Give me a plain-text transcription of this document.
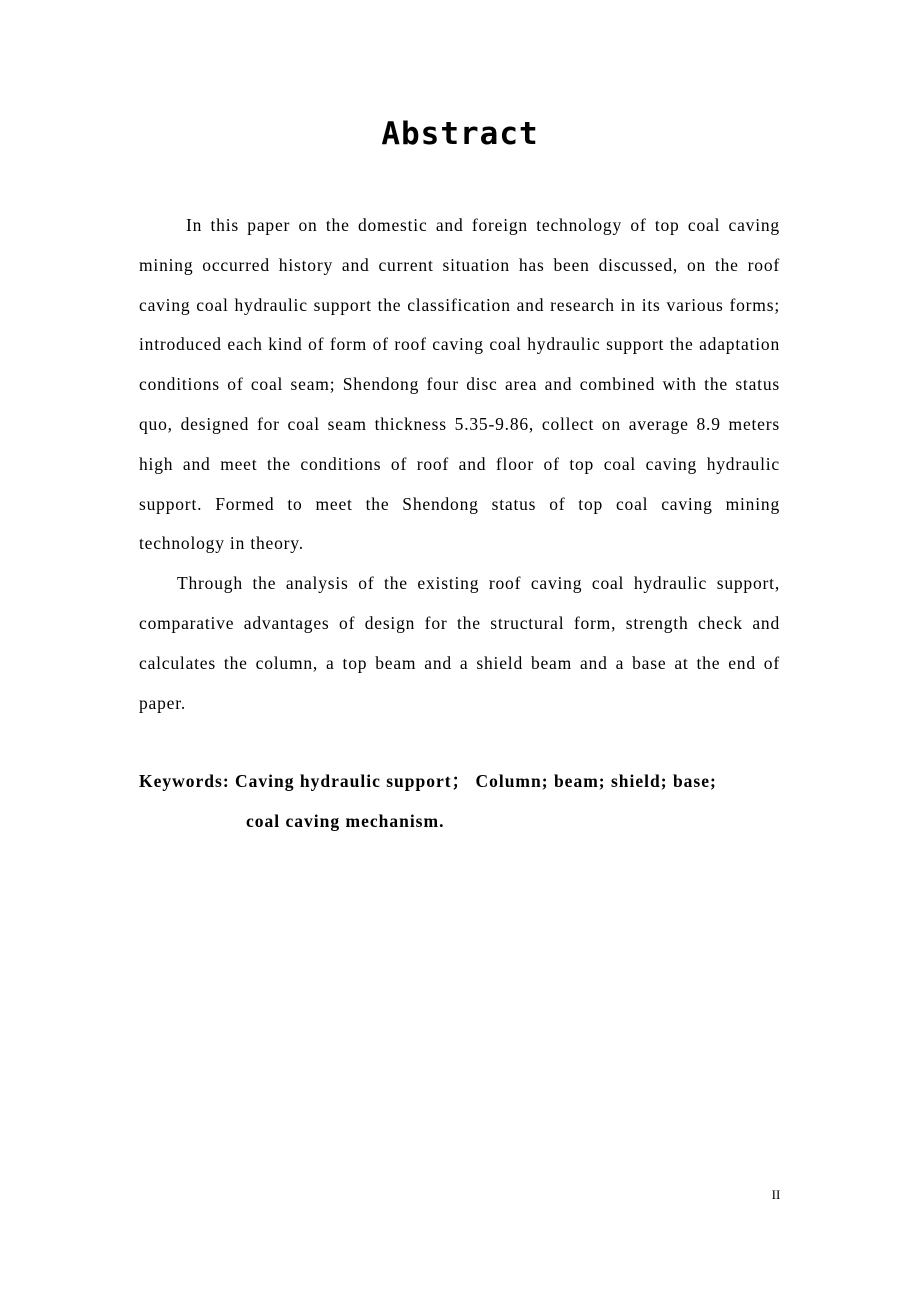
Abstract

In this paper on the domestic and foreign technology of top coal caving mining occurred history and current situation has been discussed, on the roof caving coal hydraulic support the classification and research in its various forms; introduced each kind of form of roof caving coal hydraulic support the adaptation conditions of coal seam; Shendong four disc area and combined with the status quo, designed for coal seam thickness 5.35-9.86, collect on average 8.9 meters high and meet the conditions of roof and floor of top coal caving hydraulic support. Formed to meet the Shendong status of top coal caving mining technology in theory.

Through the analysis of the existing roof caving coal hydraulic support, comparative advantages of design for the structural form, strength check and calculates the column, a top beam and a shield beam and a base at the end of paper.

Keywords: Caving hydraulic support； Column; beam; shield; base;

coal caving mechanism.

II
